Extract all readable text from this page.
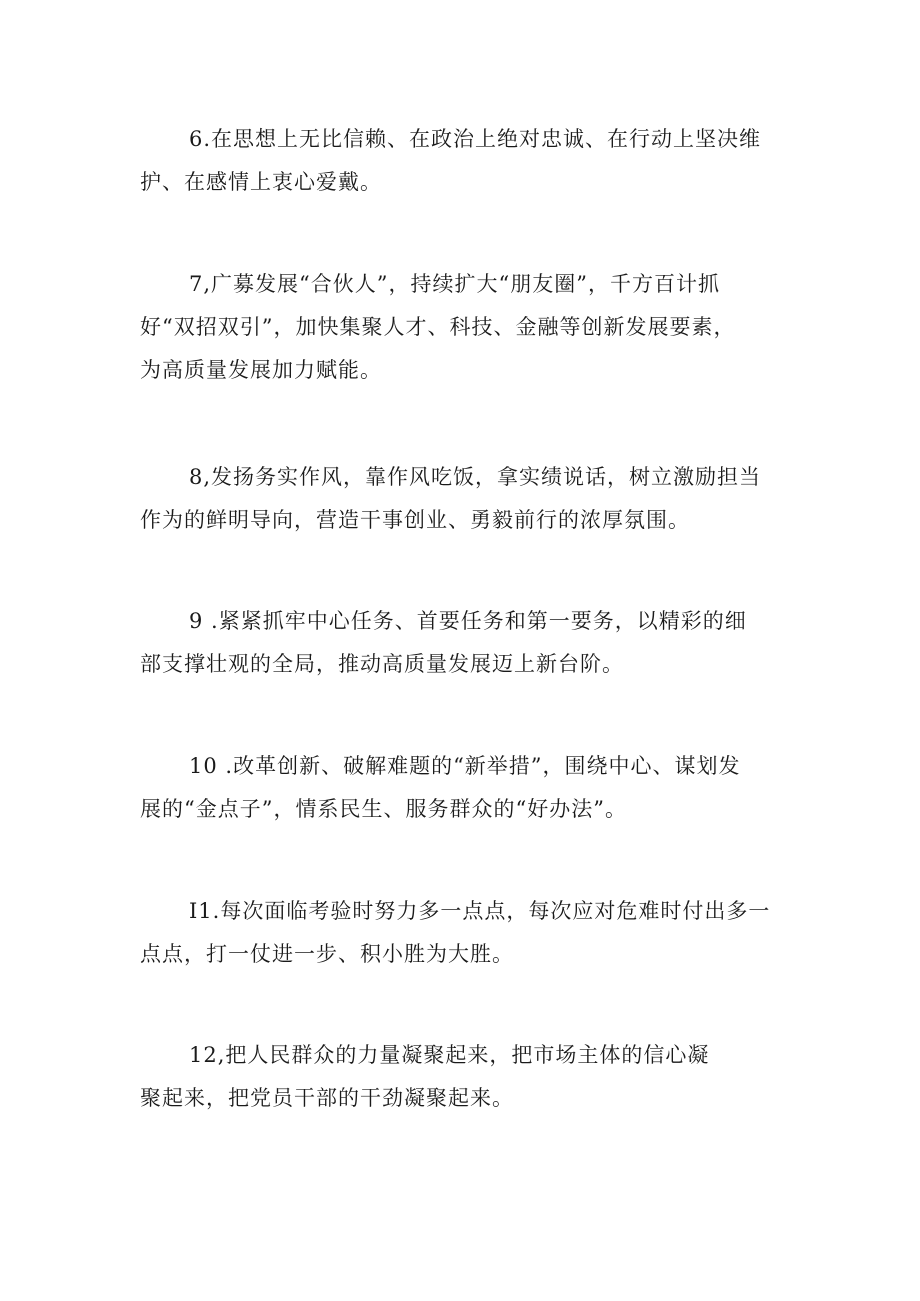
6.在思想上无比信赖、在政治上绝对忠诚、在行动上坚决维
护、在感情上衷心爱戴。

7,广募发展“合伙人”，持续扩大“朋友圈”，千方百计抓
好“双招双引”，加快集聚人才、科技、金融等创新发展要素，
为高质量发展加力赋能。

8,发扬务实作风，靠作风吃饭，拿实绩说话，树立激励担当
作为的鲜明导向，营造干事创业、勇毅前行的浓厚氛围。

9 .紧紧抓牢中心任务、首要任务和第一要务，以精彩的细
部支撑壮观的全局，推动高质量发展迈上新台阶。

10 .改革创新、破解难题的“新举措”，围绕中心、谋划发
展的“金点子”，情系民生、服务群众的“好办法”。

I1.每次面临考验时努力多一点点，每次应对危难时付出多一
点点，打一仗进一步、积小胜为大胜。

12,把人民群众的力量凝聚起来，把市场主体的信心凝
聚起来，把党员干部的干劲凝聚起来。
